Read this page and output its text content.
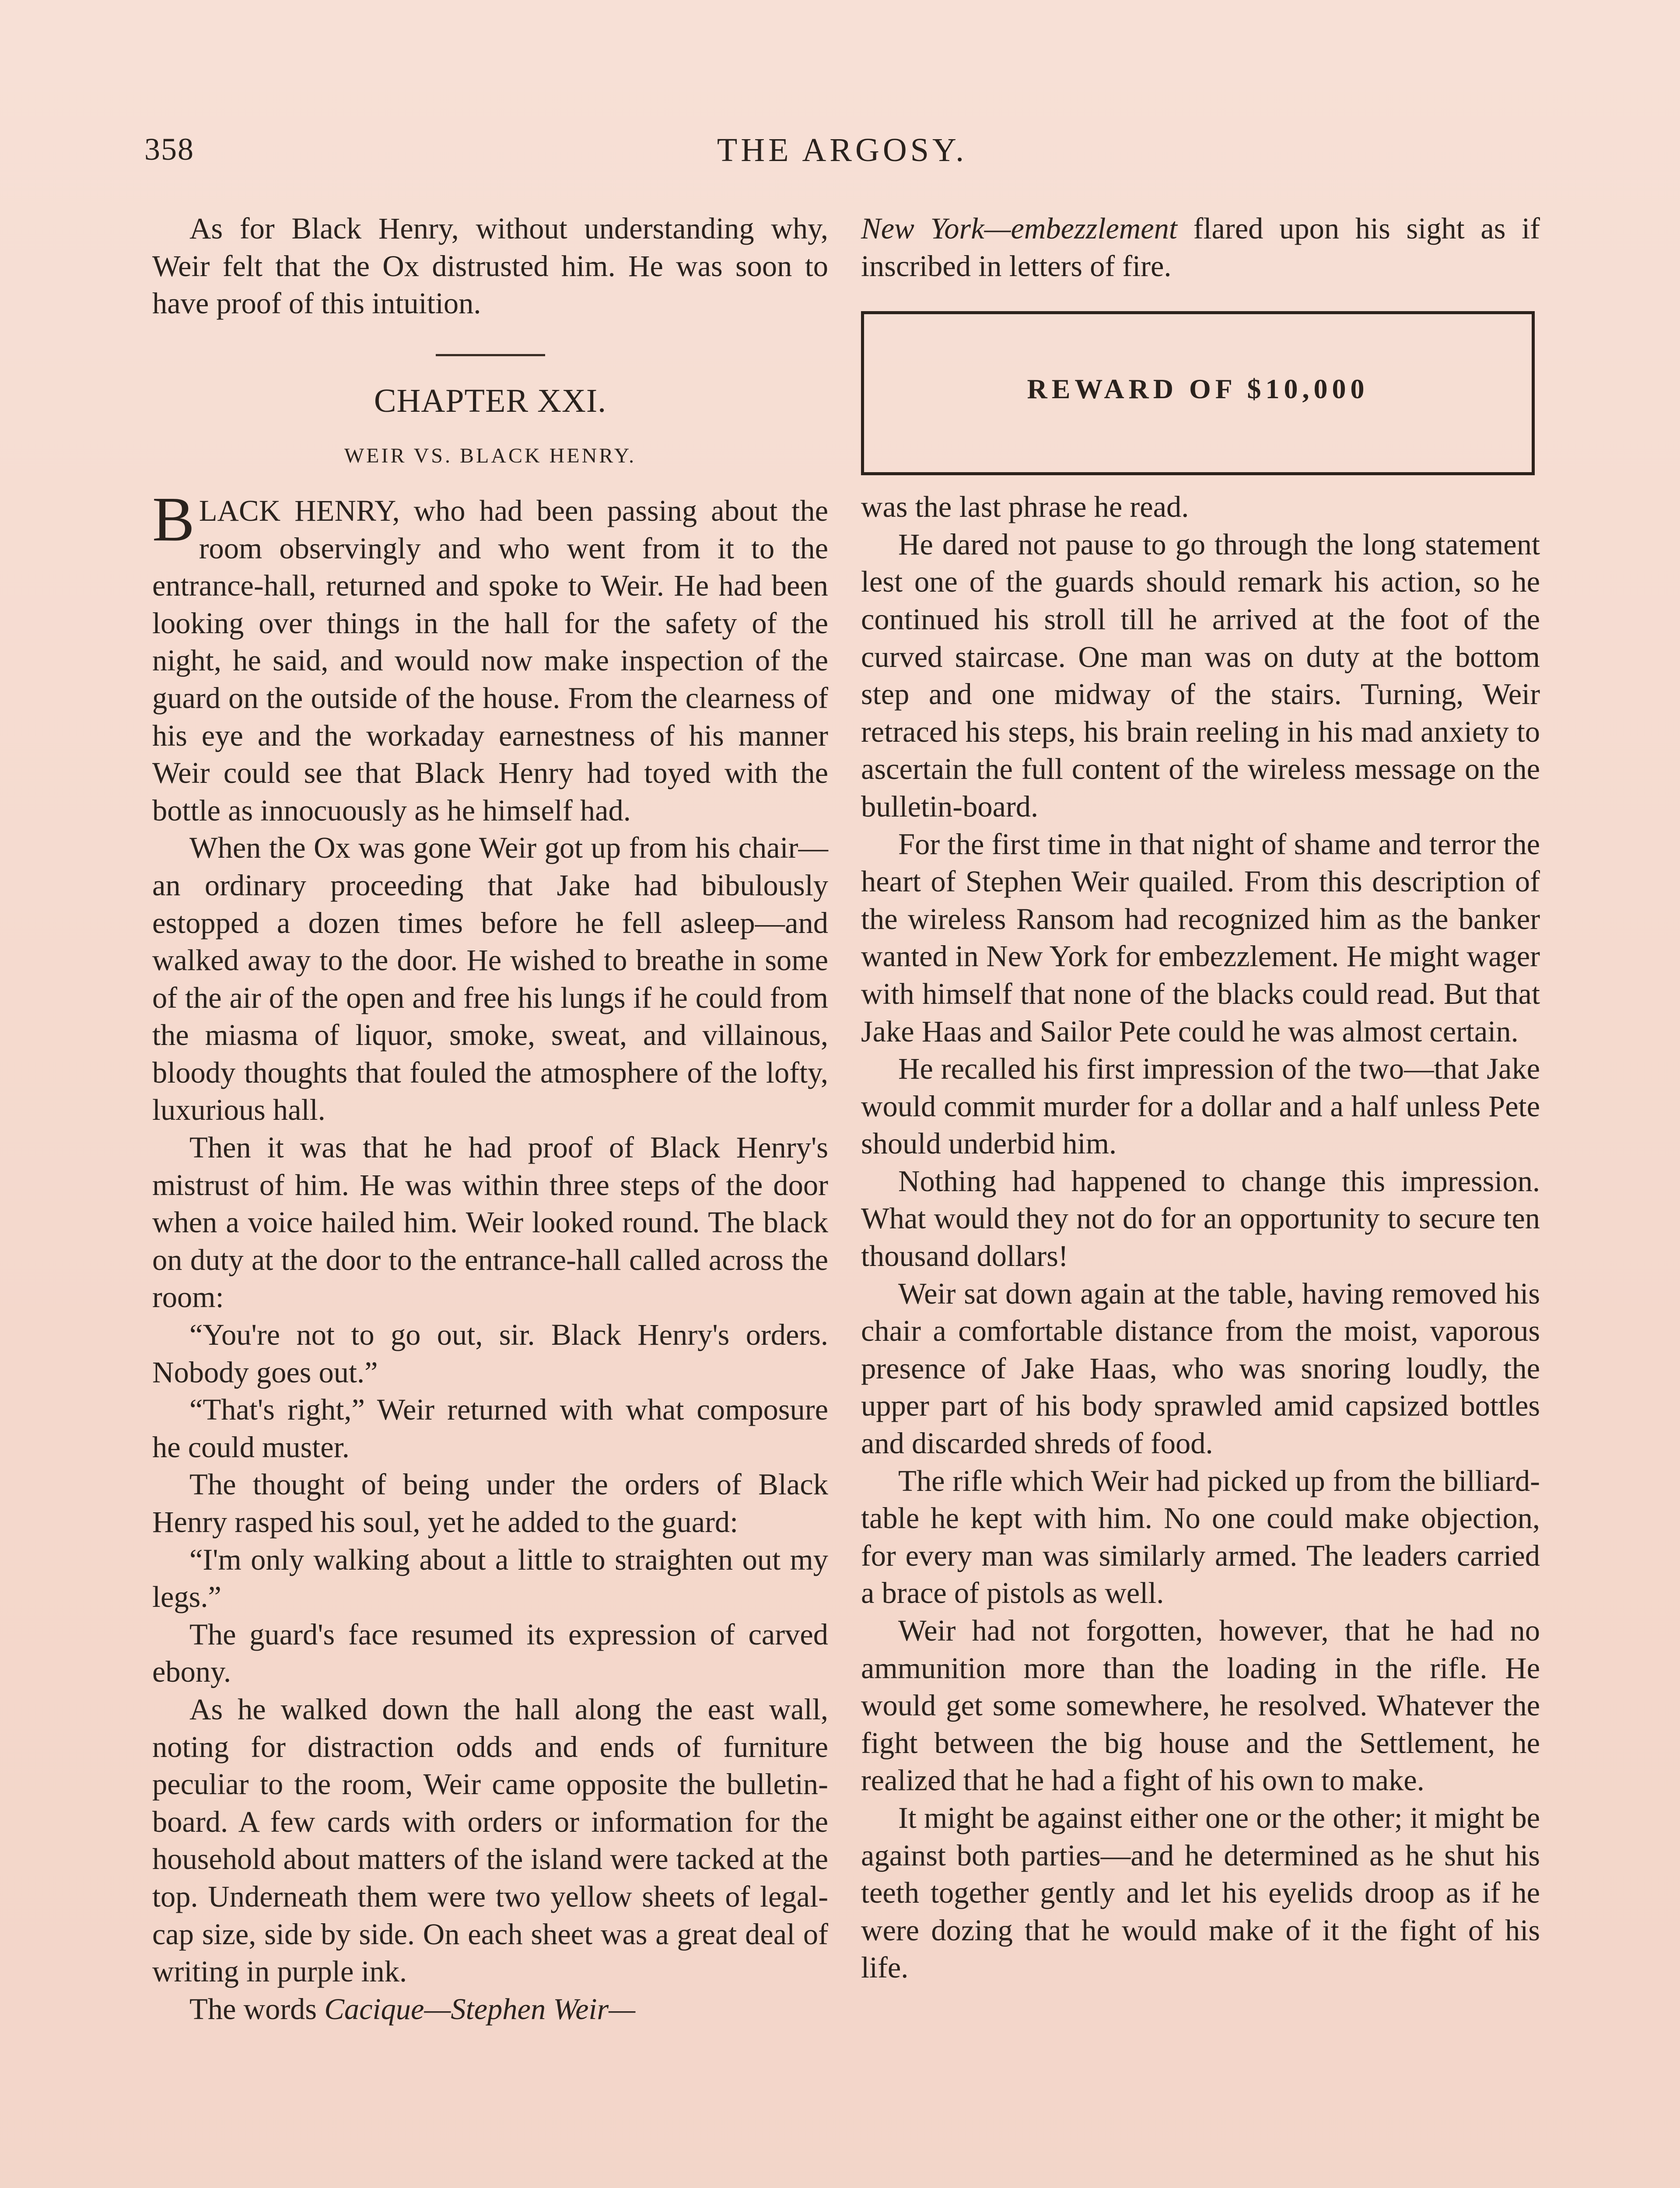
358	THE ARGOSY.

As for Black Henry, without understanding why, Weir felt that the Ox distrusted him. He was soon to have proof of this intuition.

CHAPTER XXI.
WEIR VS. BLACK HENRY.

BLACK HENRY, who had been passing about the room observingly and who went from it to the entrance-hall, returned and spoke to Weir. He had been looking over things in the hall for the safety of the night, he said, and would now make inspection of the guard on the outside of the house. From the clearness of his eye and the workaday earnestness of his manner Weir could see that Black Henry had toyed with the bottle as innocuously as he himself had.

When the Ox was gone Weir got up from his chair—an ordinary proceeding that Jake had bibulously estopped a dozen times before he fell asleep—and walked away to the door. He wished to breathe in some of the air of the open and free his lungs if he could from the miasma of liquor, smoke, sweat, and villainous, bloody thoughts that fouled the atmosphere of the lofty, luxurious hall.

Then it was that he had proof of Black Henry's mistrust of him. He was within three steps of the door when a voice hailed him. Weir looked round. The black on duty at the door to the entrance-hall called across the room:

“You're not to go out, sir. Black Henry's orders. Nobody goes out.”

“That's right,” Weir returned with what composure he could muster.

The thought of being under the orders of Black Henry rasped his soul, yet he added to the guard:

“I'm only walking about a little to straighten out my legs.”

The guard's face resumed its expression of carved ebony.

As he walked down the hall along the east wall, noting for distraction odds and ends of furniture peculiar to the room, Weir came opposite the bulletin-board. A few cards with orders or information for the household about matters of the island were tacked at the top. Underneath them were two yellow sheets of legal-cap size, side by side. On each sheet was a great deal of writing in purple ink.

The words Cacique—Stephen Weir—

New York—embezzlement flared upon his sight as if inscribed in letters of fire.

REWARD OF $10,000

was the last phrase he read.

He dared not pause to go through the long statement lest one of the guards should remark his action, so he continued his stroll till he arrived at the foot of the curved staircase. One man was on duty at the bottom step and one midway of the stairs. Turning, Weir retraced his steps, his brain reeling in his mad anxiety to ascertain the full content of the wireless message on the bulletin-board.

For the first time in that night of shame and terror the heart of Stephen Weir quailed. From this description of the wireless Ransom had recognized him as the banker wanted in New York for embezzlement. He might wager with himself that none of the blacks could read. But that Jake Haas and Sailor Pete could he was almost certain.

He recalled his first impression of the two—that Jake would commit murder for a dollar and a half unless Pete should underbid him.

Nothing had happened to change this impression. What would they not do for an opportunity to secure ten thousand dollars!

Weir sat down again at the table, having removed his chair a comfortable distance from the moist, vaporous presence of Jake Haas, who was snoring loudly, the upper part of his body sprawled amid capsized bottles and discarded shreds of food.

The rifle which Weir had picked up from the billiard-table he kept with him. No one could make objection, for every man was similarly armed. The leaders carried a brace of pistols as well.

Weir had not forgotten, however, that he had no ammunition more than the loading in the rifle. He would get some somewhere, he resolved. Whatever the fight between the big house and the Settlement, he realized that he had a fight of his own to make.

It might be against either one or the other; it might be against both parties—and he determined as he shut his teeth together gently and let his eyelids droop as if he were dozing that he would make of it the fight of his life.
